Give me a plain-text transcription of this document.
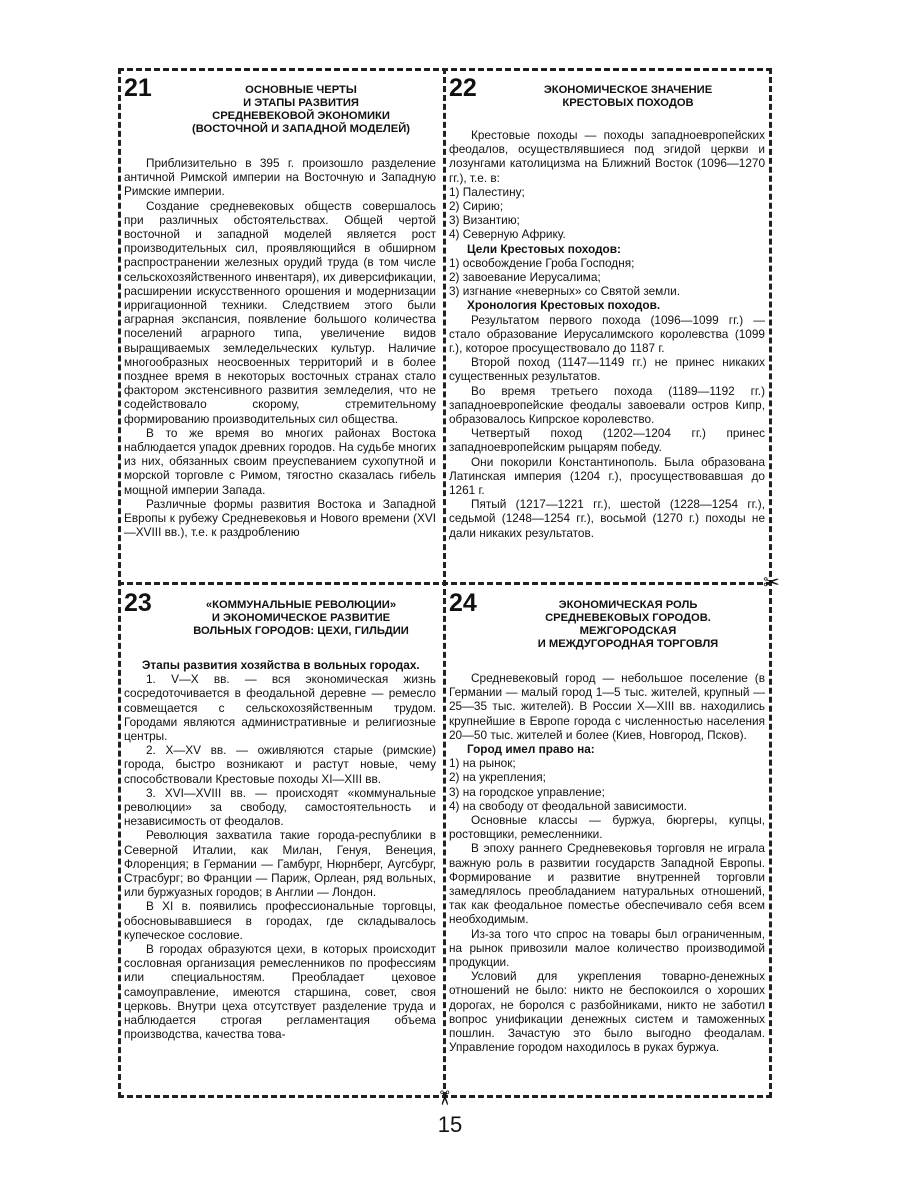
✂
✂
21	ОСНОВНЫЕ ЧЕРТЫ
И ЭТАПЫ РАЗВИТИЯ
СРЕДНЕВЕКОВОЙ ЭКОНОМИКИ
(ВОСТОЧНОЙ И ЗАПАДНОЙ МОДЕЛЕЙ)

Приблизительно в 395 г. произошло разделение античной Римской империи на Восточную и Западную Римские империи.

Создание средневековых обществ совершалось при различных обстоятельствах. Общей чертой восточной и западной моделей является рост производительных сил, проявляющийся в обширном распространении железных орудий труда (в том числе сельскохозяйственного инвентаря), их диверсификации, расширении искусственного орошения и модернизации ирригационной техники. Следствием этого были аграрная экспансия, появление большого количества поселений аграрного типа, увеличение видов выращиваемых земледельческих культур. Наличие многообразных неосвоенных территорий и в более позднее время в некоторых восточных странах стало фактором экстенсивного развития земледелия, что не содействовало скорому, стремительному формированию производительных сил общества.

В то же время во многих районах Востока наблюдается упадок древних городов. На судьбе многих из них, обязанных своим преуспеванием сухопутной и морской торговле с Римом, тягостно сказалась гибель мощной империи Запада.

Различные формы развития Востока и Западной Европы к рубежу Средневековья и Нового времени (XVI—XVIII вв.), т.е. к раздроблению

22	ЭКОНОМИЧЕСКОЕ ЗНАЧЕНИЕ
КРЕСТОВЫХ ПОХОДОВ

Крестовые походы — походы западноевропейских феодалов, осуществлявшиеся под эгидой церкви и лозунгами католицизма на Ближний Восток (1096—1270 гг.), т.е. в:

1) Палестину;

2) Сирию;

3) Византию;

4) Северную Африку.

Цели Крестовых походов:

1) освобождение Гроба Господня;

2) завоевание Иерусалима;

3) изгнание «неверных» со Святой земли.

Хронология Крестовых походов.

Результатом первого похода (1096—1099 гг.) — стало образование Иерусалимского королевства (1099 г.), которое просуществовало до 1187 г.

Второй поход (1147—1149 гг.) не принес никаких существенных результатов.

Во время третьего похода (1189—1192 гг.) западноевропейские феодалы завоевали остров Кипр, образовалось Кипрское королевство.

Четвертый поход (1202—1204 гг.) принес западноевропейским рыцарям победу.

Они покорили Константинополь. Была образована Латинская империя (1204 г.), просуществовавшая до 1261 г.

Пятый (1217—1221 гг.), шестой (1228—1254 гг.), седьмой (1248—1254 гг.), восьмой (1270 г.) походы не дали никаких результатов.

23	«КОММУНАЛЬНЫЕ РЕВОЛЮЦИИ»
И ЭКОНОМИЧЕСКОЕ РАЗВИТИЕ
ВОЛЬНЫХ ГОРОДОВ: ЦЕХИ, ГИЛЬДИИ

Этапы развития хозяйства в вольных городах.

1. V—X вв. — вся экономическая жизнь сосредоточивается в феодальной деревне — ремесло совмещается с сельскохозяйственным трудом. Городами являются административные и религиозные центры.

2. X—XV вв. — оживляются старые (римские) города, быстро возникают и растут новые, чему способствовали Крестовые походы XI—XIII вв.

3. XVI—XVIII вв. — происходят «коммунальные революции» за свободу, самостоятельность и независимость от феодалов.

Революция захватила такие города-республики в Северной Италии, как Милан, Генуя, Венеция, Флоренция; в Германии — Гамбург, Нюрнберг, Аугсбург, Страсбург; во Франции — Париж, Орлеан, ряд вольных, или буржуазных городов; в Англии — Лондон.

В XI в. появились профессиональные торговцы, обосновывавшиеся в городах, где складывалось купеческое сословие.

В городах образуются цехи, в которых происходит сословная организация ремесленников по профессиям или специальностям. Преобладает цеховое самоуправление, имеются старшина, совет, своя церковь. Внутри цеха отсутствует разделение труда и наблюдается строгая регламентация объема производства, качества това-

24	ЭКОНОМИЧЕСКАЯ РОЛЬ
СРЕДНЕВЕКОВЫХ ГОРОДОВ.
МЕЖГОРОДСКАЯ
И МЕЖДУГОРОДНАЯ ТОРГОВЛЯ

Средневековый город — небольшое поселение (в Германии — малый город 1—5 тыс. жителей, крупный — 25—35 тыс. жителей). В России X—XIII вв. находились крупнейшие в Европе города с численностью населения 20—50 тыс. жителей и более (Киев, Новгород, Псков).

Город имел право на:

1) на рынок;

2) на укрепления;

3) на городское управление;

4) на свободу от феодальной зависимости.

Основные классы — буржуа, бюргеры, купцы, ростовщики, ремесленники.

В эпоху раннего Средневековья торговля не играла важную роль в развитии государств Западной Европы. Формирование и развитие внутренней торговли замедлялось преобладанием натуральных отношений, так как феодальное поместье обеспечивало себя всем необходимым.

Из-за того что спрос на товары был ограниченным, на рынок привозили малое количество производимой продукции.

Условий для укрепления товарно-денежных отношений не было: никто не беспокоился о хороших дорогах, не боролся с разбойниками, никто не заботил вопрос унификации денежных систем и таможенных пошлин. Зачастую это было выгодно феодалам. Управление городом находилось в руках буржуа.

15
